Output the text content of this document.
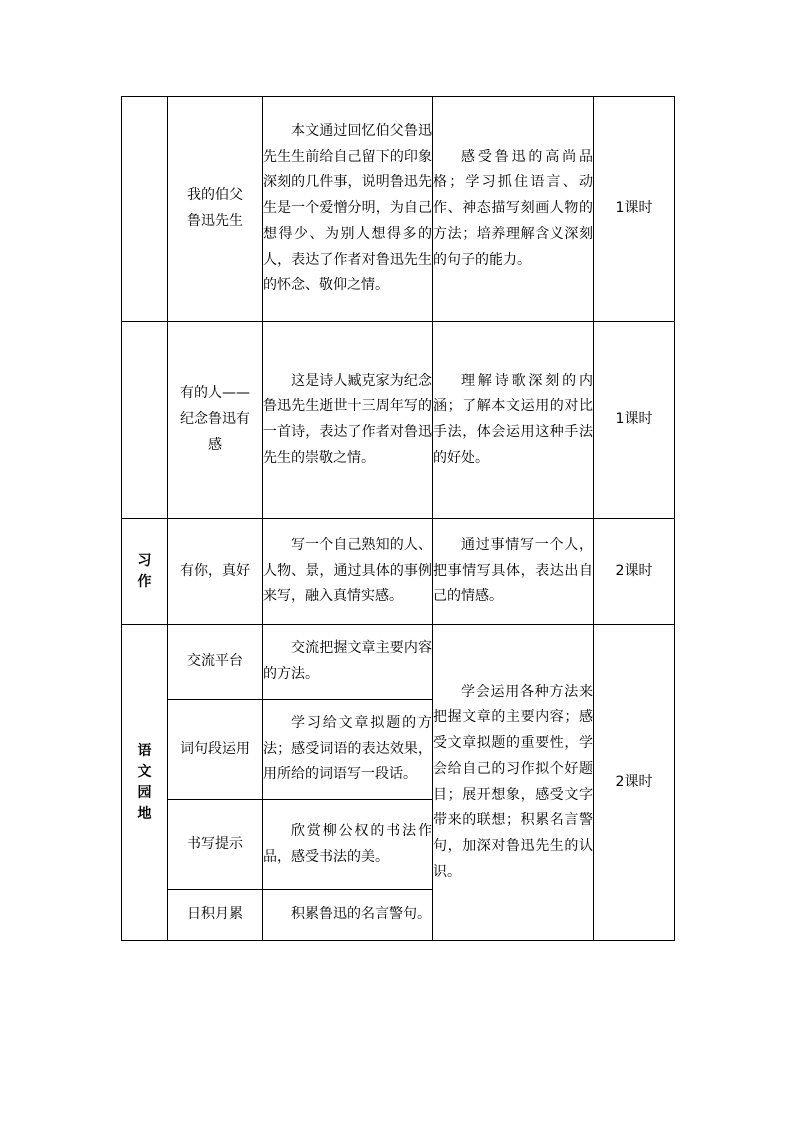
	我的伯父
鲁迅先生	本文通过回忆伯父鲁迅先生生前给自己留下的印象深刻的几件事，说明鲁迅先生是一个爱憎分明，为自己想得少、为别人想得多的人，表达了作者对鲁迅先生的怀念、敬仰之情。	感受鲁迅的高尚品格；学习抓住语言、动作、神态描写刻画人物的方法；培养理解含义深刻的句子的能力。	1课时

	有的人——
纪念鲁迅有
感	这是诗人臧克家为纪念鲁迅先生逝世十三周年写的一首诗，表达了作者对鲁迅先生的崇敬之情。	理解诗歌深刻的内涵；了解本文运用的对比手法，体会运用这种手法的好处。	1课时

习
作	有你，真好	写一个自己熟知的人、人物、景，通过具体的事例来写，融入真情实感。	通过事情写一个人，把事情写具体，表达出自己的情感。	2课时

语
文
园
地	交流平台	交流把握文章主要内容的方法。	学会运用各种方法来把握文章的主要内容；感受文章拟题的重要性，学会给自己的习作拟个好题目；展开想象，感受文字带来的联想；积累名言警句，加深对鲁迅先生的认识。	2课时
	词句段运用	学习给文章拟题的方法；感受词语的表达效果，用所给的词语写一段话。		

	书写提示	欣赏柳公权的书法作品，感受书法的美。		

	日积月累	积累鲁迅的名言警句。		
